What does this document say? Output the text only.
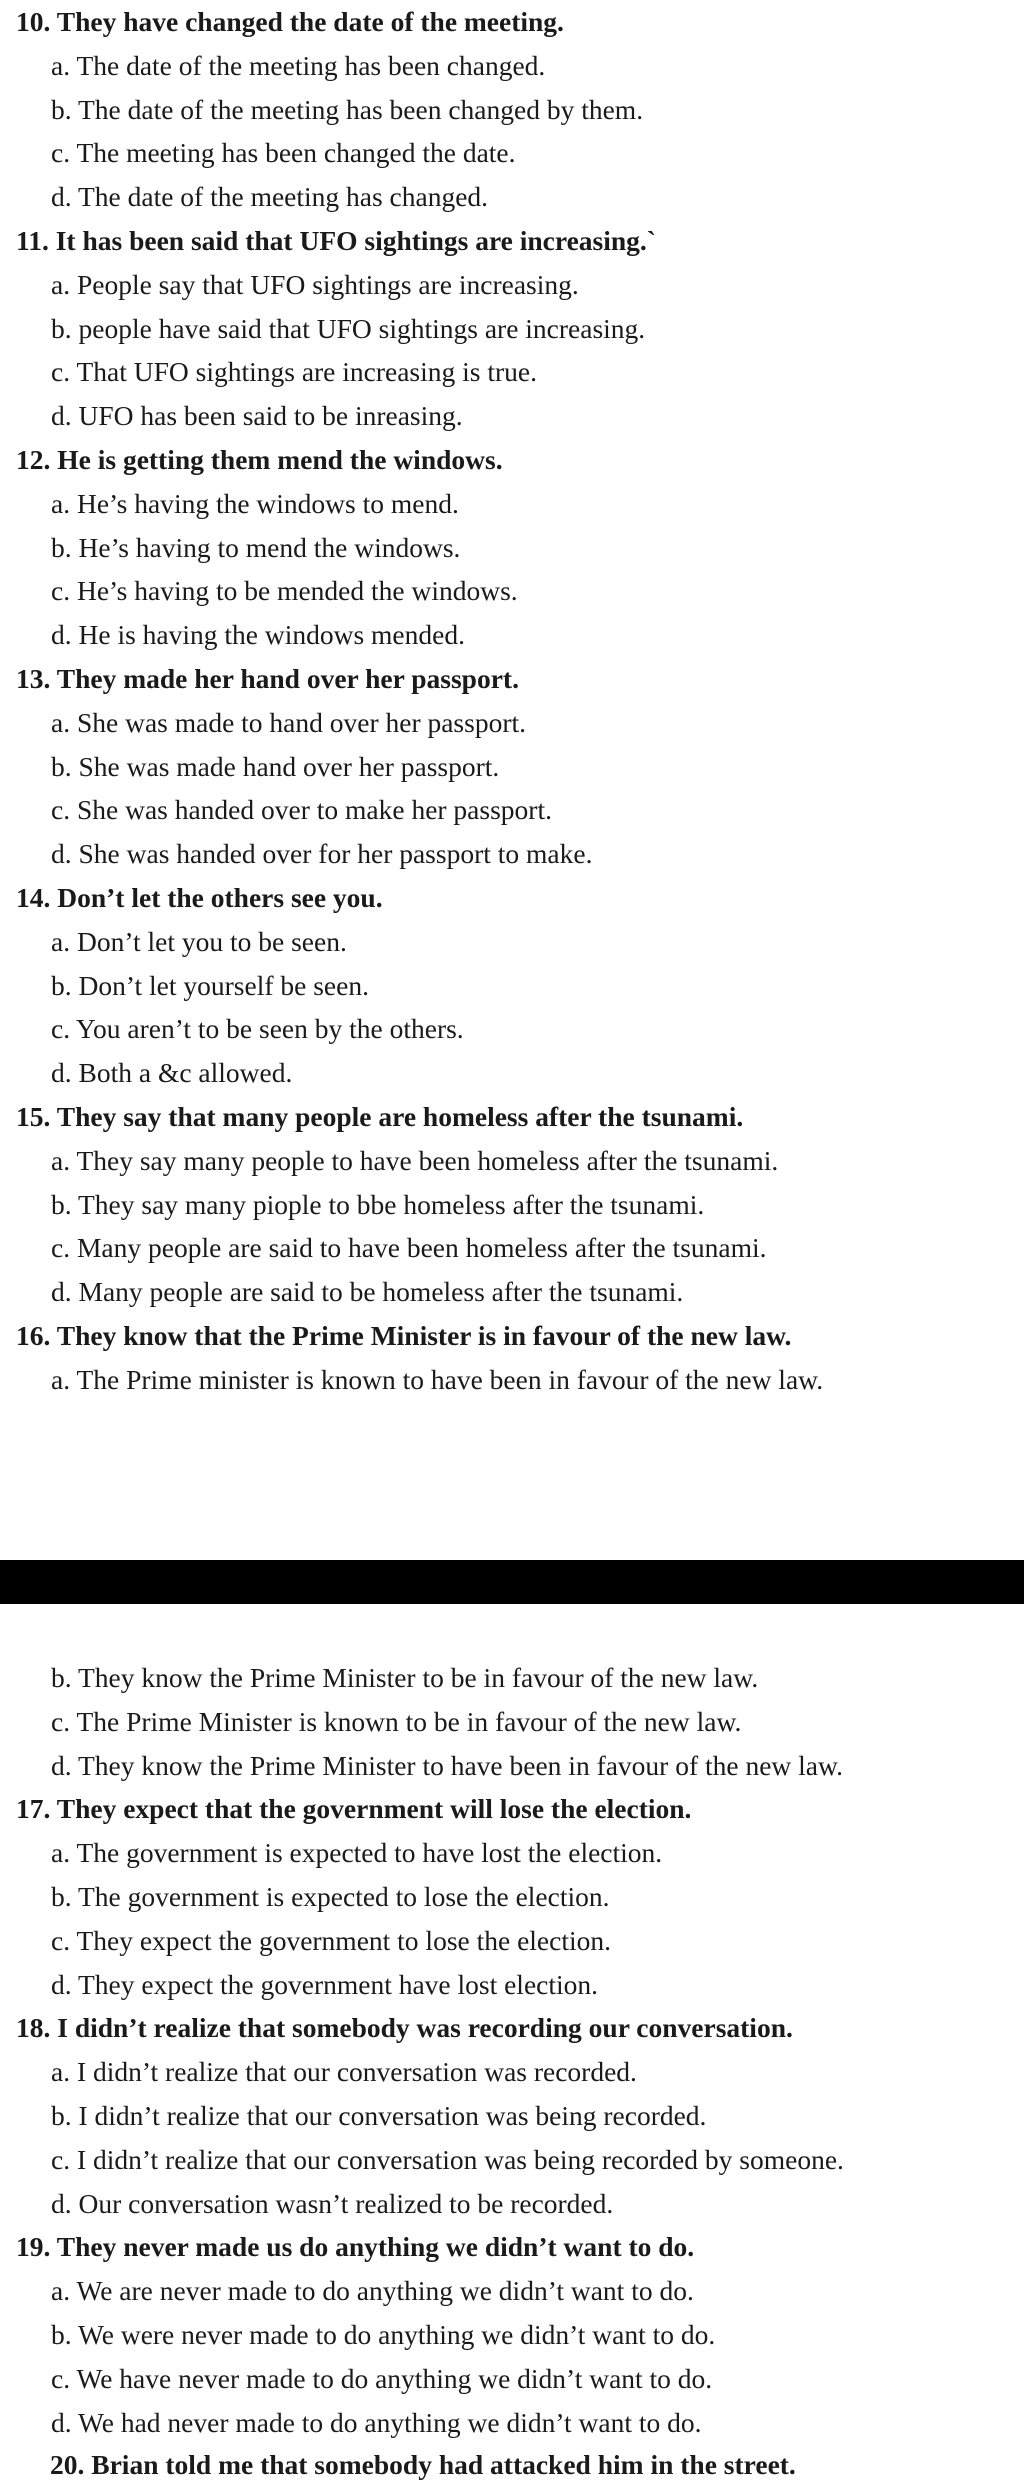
10. They have changed the date of the meeting.
a. The date of the meeting has been changed.
b. The date of the meeting has been changed by them.
c. The meeting has been changed the date.
d. The date of the meeting has changed.
11. It has been said that UFO sightings are increasing.`
a. People say that UFO sightings are increasing.
b. people have said that UFO sightings are increasing.
c. That UFO sightings are increasing is true.
d. UFO has been said to be inreasing.
12. He is getting them mend the windows.
a. He’s having the windows to mend.
b. He’s having to mend the windows.
c. He’s having to be mended the windows.
d. He is having the windows mended.
13. They made her hand over her passport.
a. She was made to hand over her passport.
b. She was made hand over her passport.
c. She was handed over to make her passport.
d. She was handed over for her passport to make.
14. Don’t let the others see you.
a. Don’t let you to be seen.
b. Don’t let yourself be seen.
c. You aren’t to be seen by the others.
d. Both a &c allowed.
15. They say that many people are homeless after the tsunami.
a. They say many people to have been homeless after the tsunami.
b. They say many piople to bbe homeless after the tsunami.
c. Many people are said to have been homeless after the tsunami.
d. Many people are said to be homeless after the tsunami.
16. They know that the Prime Minister is in favour of the new law.
a. The Prime minister is known to have been in favour of the new law.
b. They know the Prime Minister to be in favour of the new law.
c. The Prime Minister is known to be in favour of the new law.
d. They know the Prime Minister to have been in favour of the new law.
17. They expect that the government will lose the election.
a. The government is expected to have lost the election.
b. The government is expected to lose the election.
c. They expect the government to lose the election.
d. They expect the government have lost election.
18. I didn’t realize that somebody was recording our conversation.
a. I didn’t realize that our conversation was recorded.
b. I didn’t realize that our conversation was being recorded.
c. I didn’t realize that our conversation was being recorded by someone.
d. Our conversation wasn’t realized to be recorded.
19. They never made us do anything we didn’t want to do.
a. We are never made to do anything we didn’t want to do.
b. We were never made to do anything we didn’t want to do.
c. We have never made to do anything we didn’t want to do.
d. We had never made to do anything we didn’t want to do.
20. Brian told me that somebody had attacked him in the street.
